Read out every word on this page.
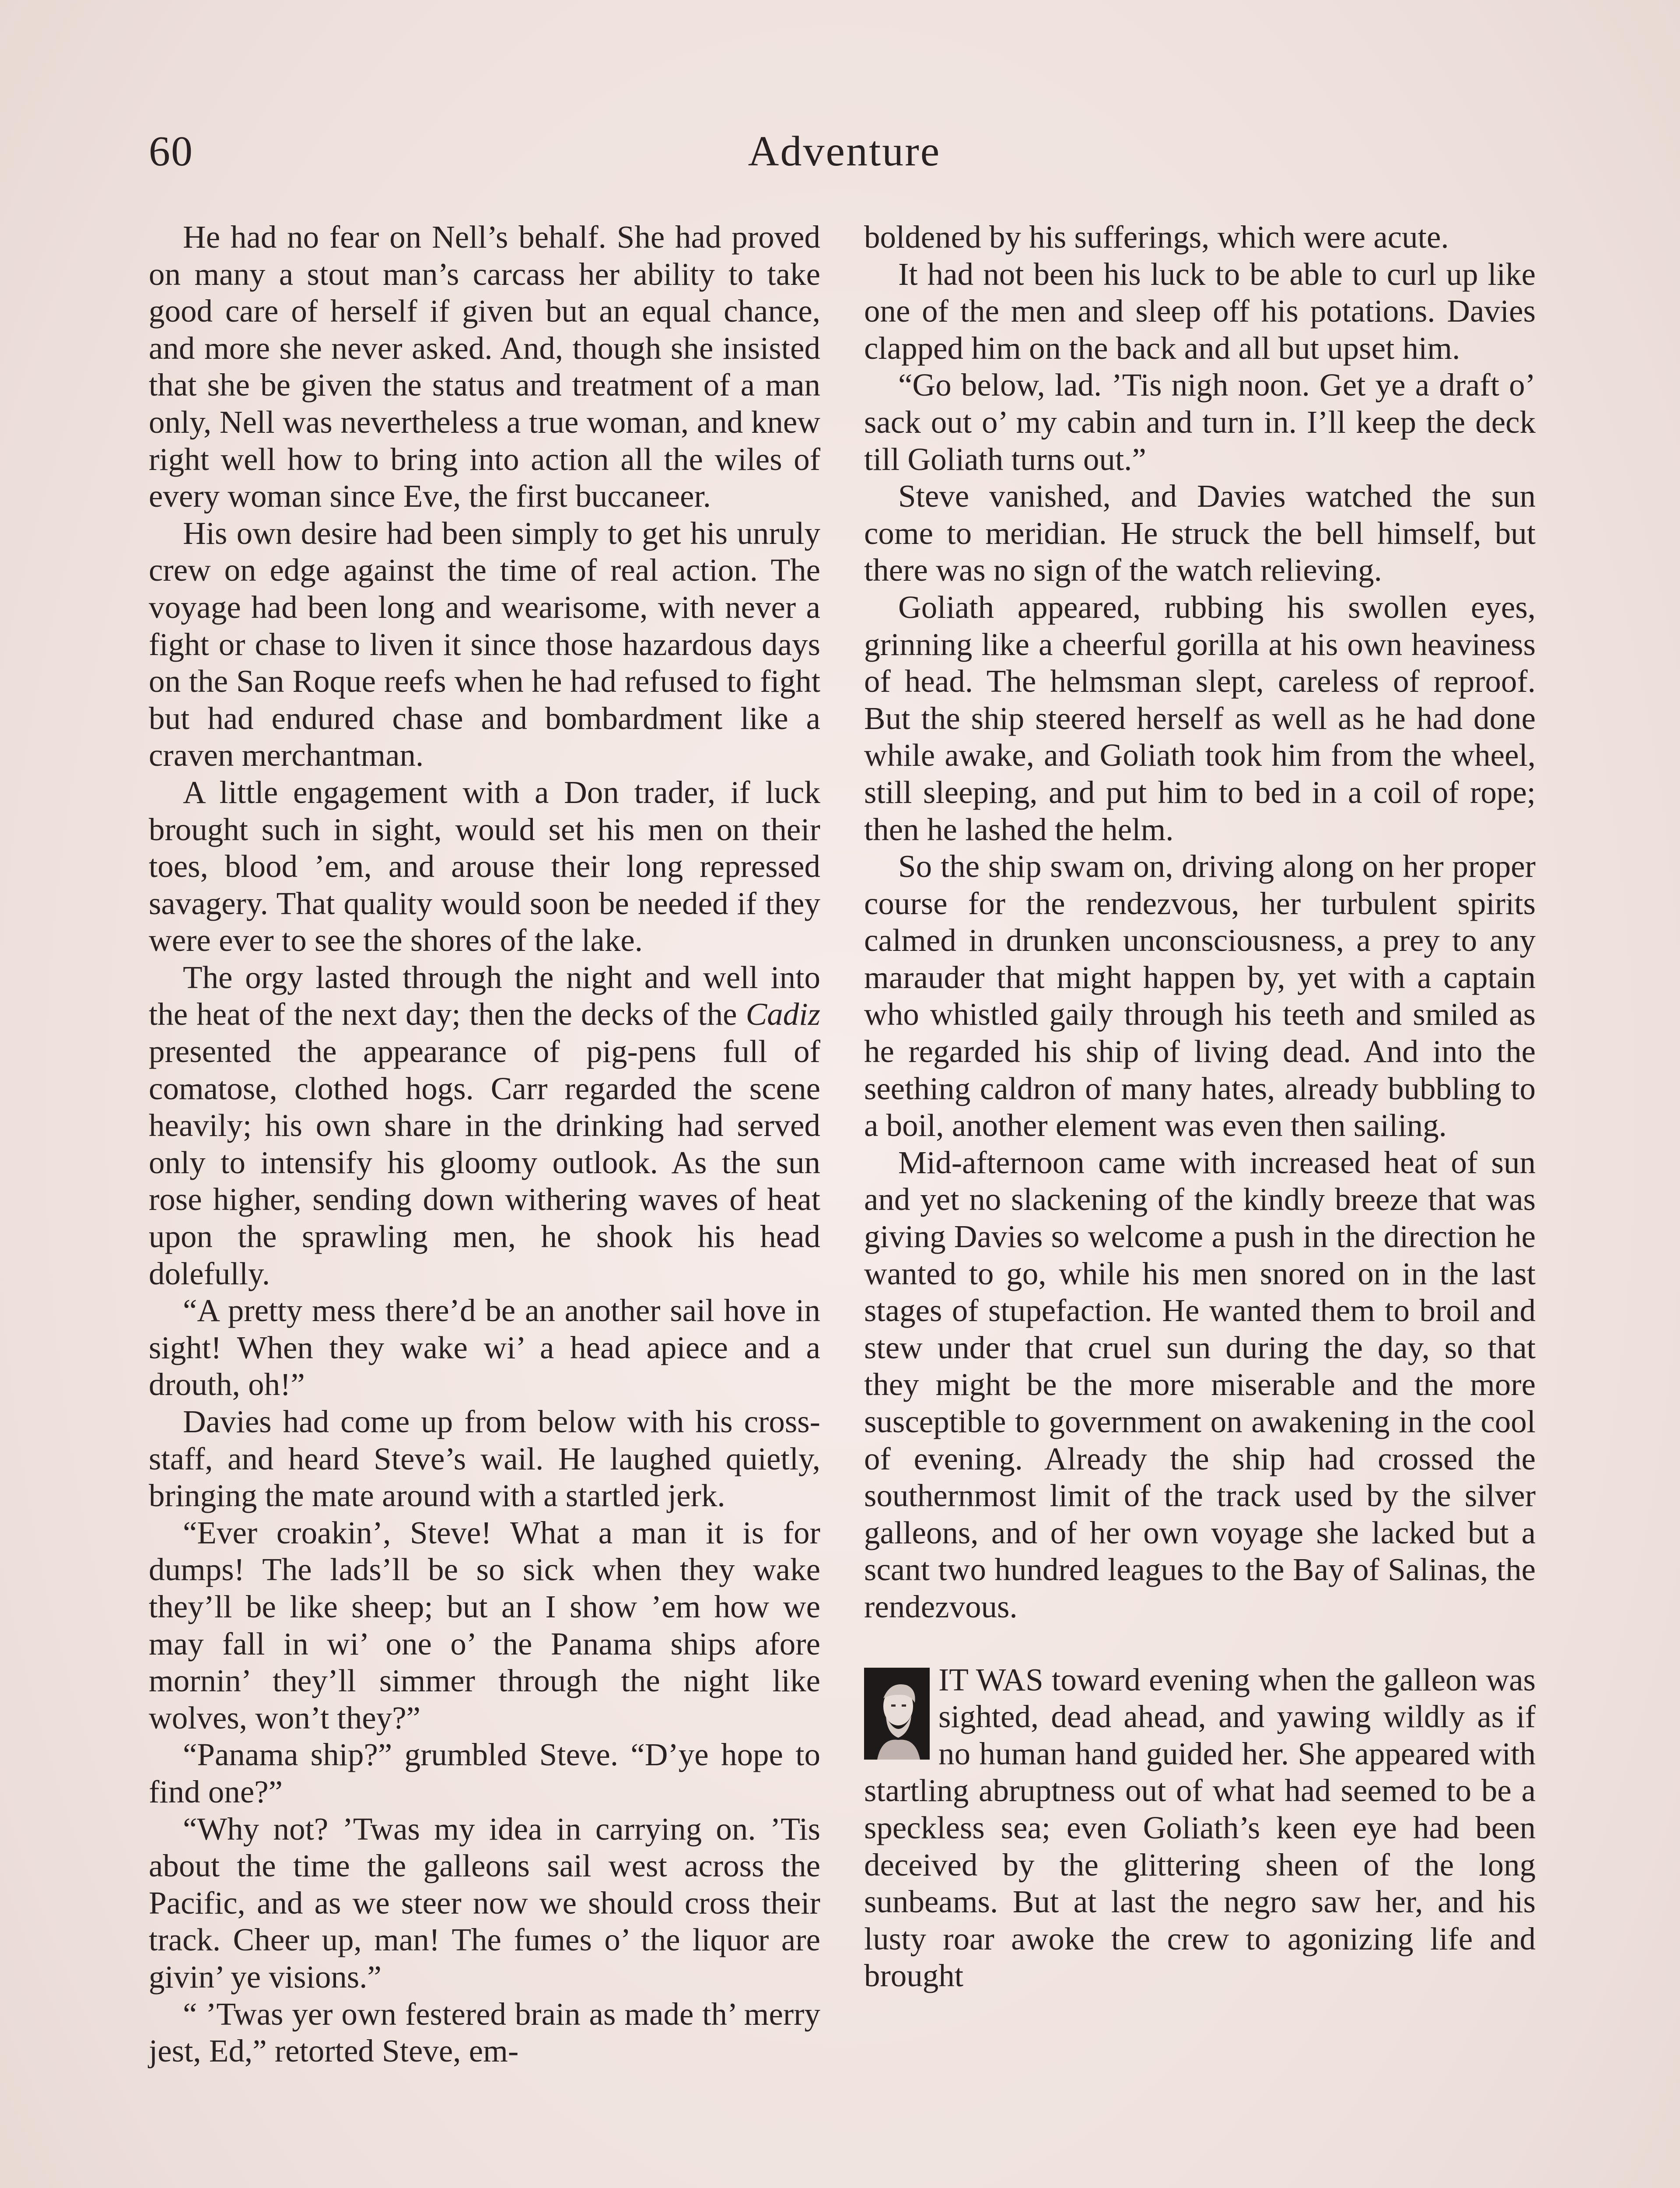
60	Adventure

He had no fear on Nell’s behalf. She had proved on many a stout man’s carcass her ability to take good care of herself if given but an equal chance, and more she never asked. And, though she insisted that she be given the status and treatment of a man only, Nell was nevertheless a true woman, and knew right well how to bring into action all the wiles of every woman since Eve, the first buccaneer.

His own desire had been simply to get his unruly crew on edge against the time of real action. The voyage had been long and wearisome, with never a fight or chase to liven it since those hazardous days on the San Roque reefs when he had refused to fight but had endured chase and bombardment like a craven merchantman.

A little engagement with a Don trader, if luck brought such in sight, would set his men on their toes, blood ’em, and arouse their long repressed savagery. That quality would soon be needed if they were ever to see the shores of the lake.

The orgy lasted through the night and well into the heat of the next day; then the decks of the Cadiz presented the appearance of pig-pens full of comatose, clothed hogs. Carr regarded the scene heavily; his own share in the drinking had served only to intensify his gloomy outlook. As the sun rose higher, sending down withering waves of heat upon the sprawling men, he shook his head dolefully.

“A pretty mess there’d be an another sail hove in sight! When they wake wi’ a head apiece and a drouth, oh!”

Davies had come up from below with his cross-staff, and heard Steve’s wail. He laughed quietly, bringing the mate around with a startled jerk.

“Ever croakin’, Steve! What a man it is for dumps! The lads’ll be so sick when they wake they’ll be like sheep; but an I show ’em how we may fall in wi’ one o’ the Panama ships afore mornin’ they’ll simmer through the night like wolves, won’t they?”

“Panama ship?” grumbled Steve. “D’ye hope to find one?”

“Why not? ’Twas my idea in carrying on. ’Tis about the time the galleons sail west across the Pacific, and as we steer now we should cross their track. Cheer up, man! The fumes o’ the liquor are givin’ ye visions.”

“ ’Twas yer own festered brain as made th’ merry jest, Ed,” retorted Steve, em-

boldened by his sufferings, which were acute.

It had not been his luck to be able to curl up like one of the men and sleep off his potations. Davies clapped him on the back and all but upset him.

“Go below, lad. ’Tis nigh noon. Get ye a draft o’ sack out o’ my cabin and turn in. I’ll keep the deck till Goliath turns out.”

Steve vanished, and Davies watched the sun come to meridian. He struck the bell himself, but there was no sign of the watch relieving.

Goliath appeared, rubbing his swollen eyes, grinning like a cheerful gorilla at his own heaviness of head. The helmsman slept, careless of reproof. But the ship steered herself as well as he had done while awake, and Goliath took him from the wheel, still sleeping, and put him to bed in a coil of rope; then he lashed the helm.

So the ship swam on, driving along on her proper course for the rendezvous, her turbulent spirits calmed in drunken unconsciousness, a prey to any marauder that might happen by, yet with a captain who whistled gaily through his teeth and smiled as he regarded his ship of living dead. And into the seething caldron of many hates, already bubbling to a boil, another element was even then sailing.

Mid-afternoon came with increased heat of sun and yet no slackening of the kindly breeze that was giving Davies so welcome a push in the direction he wanted to go, while his men snored on in the last stages of stupefaction. He wanted them to broil and stew under that cruel sun during the day, so that they might be the more miserable and the more susceptible to government on awakening in the cool of evening. Already the ship had crossed the southernmost limit of the track used by the silver galleons, and of her own voyage she lacked but a scant two hundred leagues to the Bay of Salinas, the rendezvous.

IT WAS toward evening when the galleon was sighted, dead ahead, and yawing wildly as if no human hand guided her. She appeared with startling abruptness out of what had seemed to be a speckless sea; even Goliath’s keen eye had been deceived by the glittering sheen of the long sunbeams. But at last the negro saw her, and his lusty roar awoke the crew to agonizing life and brought
